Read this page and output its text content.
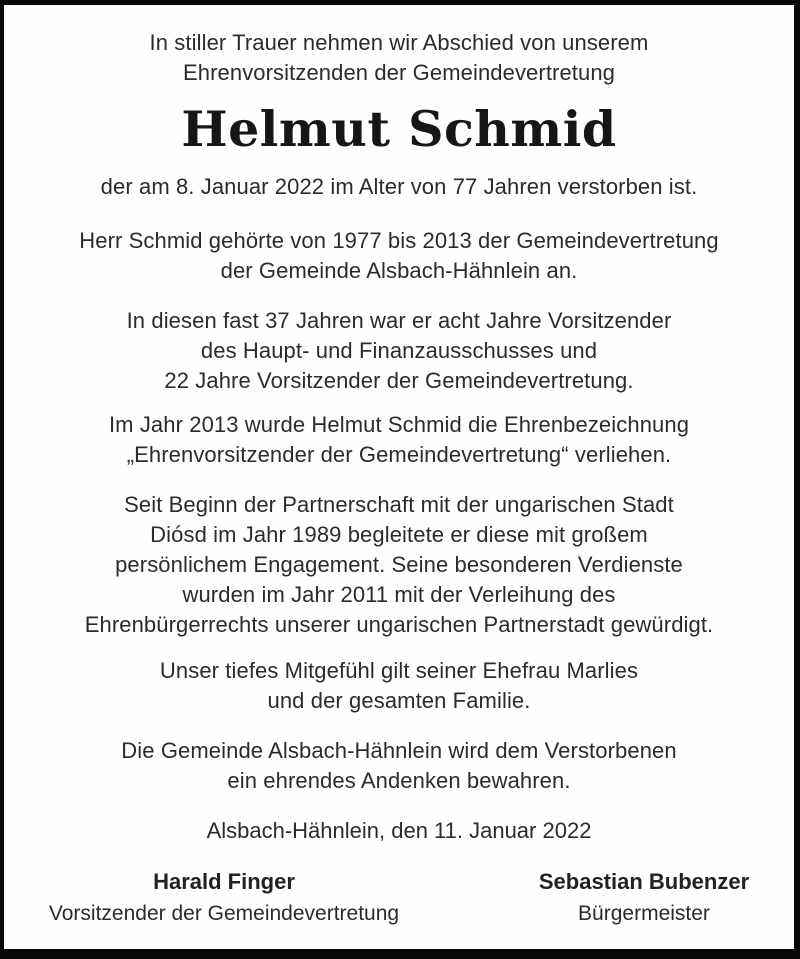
In stiller Trauer nehmen wir Abschied von unserem
Ehrenvorsitzenden der Gemeindevertretung
Helmut Schmid
der am 8. Januar 2022 im Alter von 77 Jahren verstorben ist.
Herr Schmid gehörte von 1977 bis 2013 der Gemeindevertretung
der Gemeinde Alsbach-Hähnlein an.
In diesen fast 37 Jahren war er acht Jahre Vorsitzender
des Haupt- und Finanzausschusses und
22 Jahre Vorsitzender der Gemeindevertretung.
Im Jahr 2013 wurde Helmut Schmid die Ehrenbezeichnung
„Ehrenvorsitzender der Gemeindevertretung“ verliehen.
Seit Beginn der Partnerschaft mit der ungarischen Stadt
Diósd im Jahr 1989 begleitete er diese mit großem
persönlichem Engagement. Seine besonderen Verdienste
wurden im Jahr 2011 mit der Verleihung des
Ehrenbürgerrechts unserer ungarischen Partnerstadt gewürdigt.
Unser tiefes Mitgefühl gilt seiner Ehefrau Marlies
und der gesamten Familie.
Die Gemeinde Alsbach-Hähnlein wird dem Verstorbenen
ein ehrendes Andenken bewahren.
Alsbach-Hähnlein, den 11. Januar 2022
Harald Finger
Vorsitzender der Gemeindevertretung
Sebastian Bubenzer
Bürgermeister
